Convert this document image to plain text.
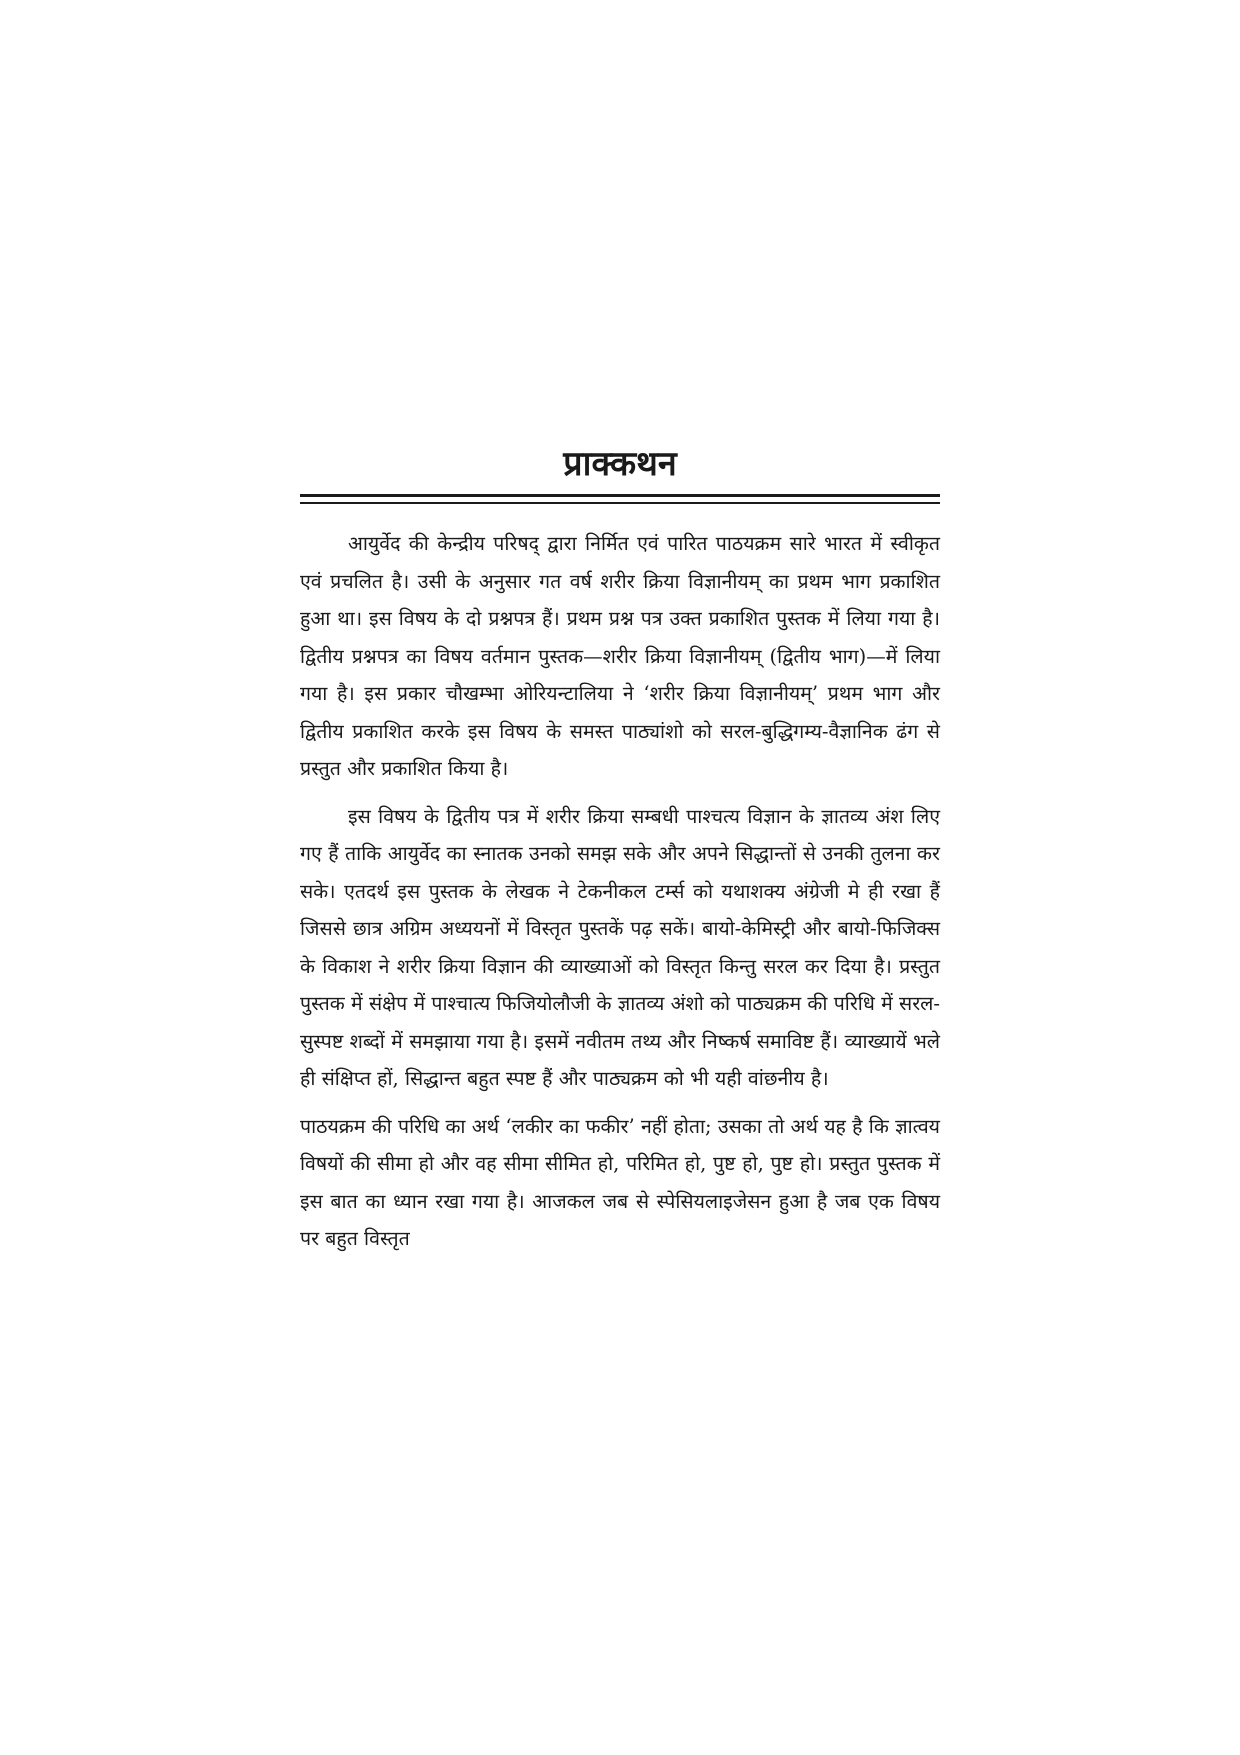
प्राक्कथन

आयुर्वेद की केन्द्रीय परिषद् द्वारा निर्मित एवं पारित पाठयक्रम सारे भारत में स्वीकृत एवं प्रचलित है। उसी के अनुसार गत वर्ष शरीर क्रिया विज्ञानीयम् का प्रथम भाग प्रकाशित हुआ था। इस विषय के दो प्रश्नपत्र हैं। प्रथम प्रश्न पत्र उक्त प्रकाशित पुस्तक में लिया गया है। द्वितीय प्रश्नपत्र का विषय वर्तमान पुस्तक—शरीर क्रिया विज्ञानीयम् (द्वितीय भाग)—में लिया गया है। इस प्रकार चौखम्भा ओरियन्टालिया ने ‘शरीर क्रिया विज्ञानीयम्’ प्रथम भाग और द्वितीय प्रकाशित करके इस विषय के समस्त पाठ्यांशो को सरल-बुद्धिगम्य-वैज्ञानिक ढंग से प्रस्तुत और प्रकाशित किया है।

इस विषय के द्वितीय पत्र में शरीर क्रिया सम्बधी पाश्चत्य विज्ञान के ज्ञातव्य अंश लिए गए हैं ताकि आयुर्वेद का स्नातक उनको समझ सके और अपने सिद्धान्तों से उनकी तुलना कर सके। एतदर्थ इस पुस्तक के लेखक ने टेकनीकल टर्म्स को यथाशक्य अंग्रेजी मे ही रखा हैं जिससे छात्र अग्रिम अध्ययनों में विस्तृत पुस्तकें पढ़ सकें। बायो-केमिस्ट्री और बायो-फिजिक्स के विकाश ने शरीर क्रिया विज्ञान की व्याख्याओं को विस्तृत किन्तु सरल कर दिया है। प्रस्तुत पुस्तक में संक्षेप में पाश्चात्य फिजियोलौजी के ज्ञातव्य अंशो को पाठ्यक्रम की परिधि में सरल-सुस्पष्ट शब्दों में समझाया गया है। इसमें नवीतम तथ्य और निष्कर्ष समाविष्ट हैं। व्याख्यायें भले ही संक्षिप्त हों, सिद्धान्त बहुत स्पष्ट हैं और पाठ्यक्रम को भी यही वांछनीय है।

पाठयक्रम की परिधि का अर्थ ‘लकीर का फकीर’ नहीं होता; उसका तो अर्थ यह है कि ज्ञात्वय विषयों की सीमा हो और वह सीमा सीमित हो, परिमित हो, पुष्ट हो, पुष्ट हो। प्रस्तुत पुस्तक में इस बात का ध्यान रखा गया है। आजकल जब से स्पेसियलाइजेसन हुआ है जब एक विषय पर बहुत विस्तृत
